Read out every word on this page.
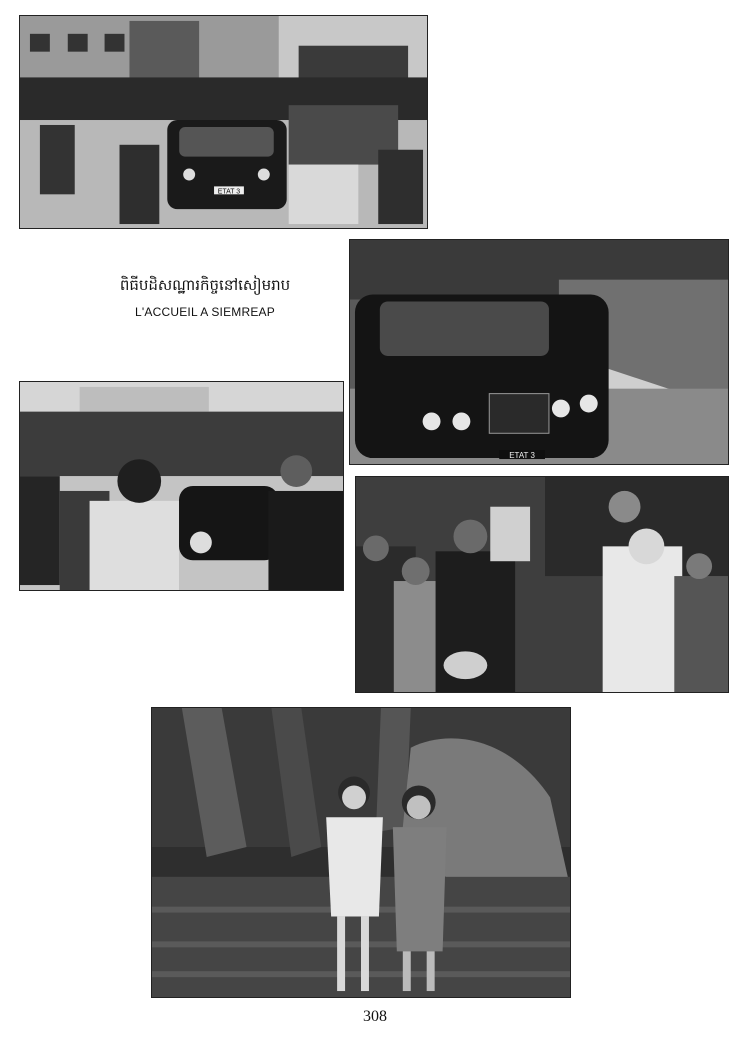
ETAT 3
ពិធីបដិសណ្ឋារកិច្ចនៅសៀមរាប
L'ACCUEIL A SIEMREAP
ETAT 3
308
